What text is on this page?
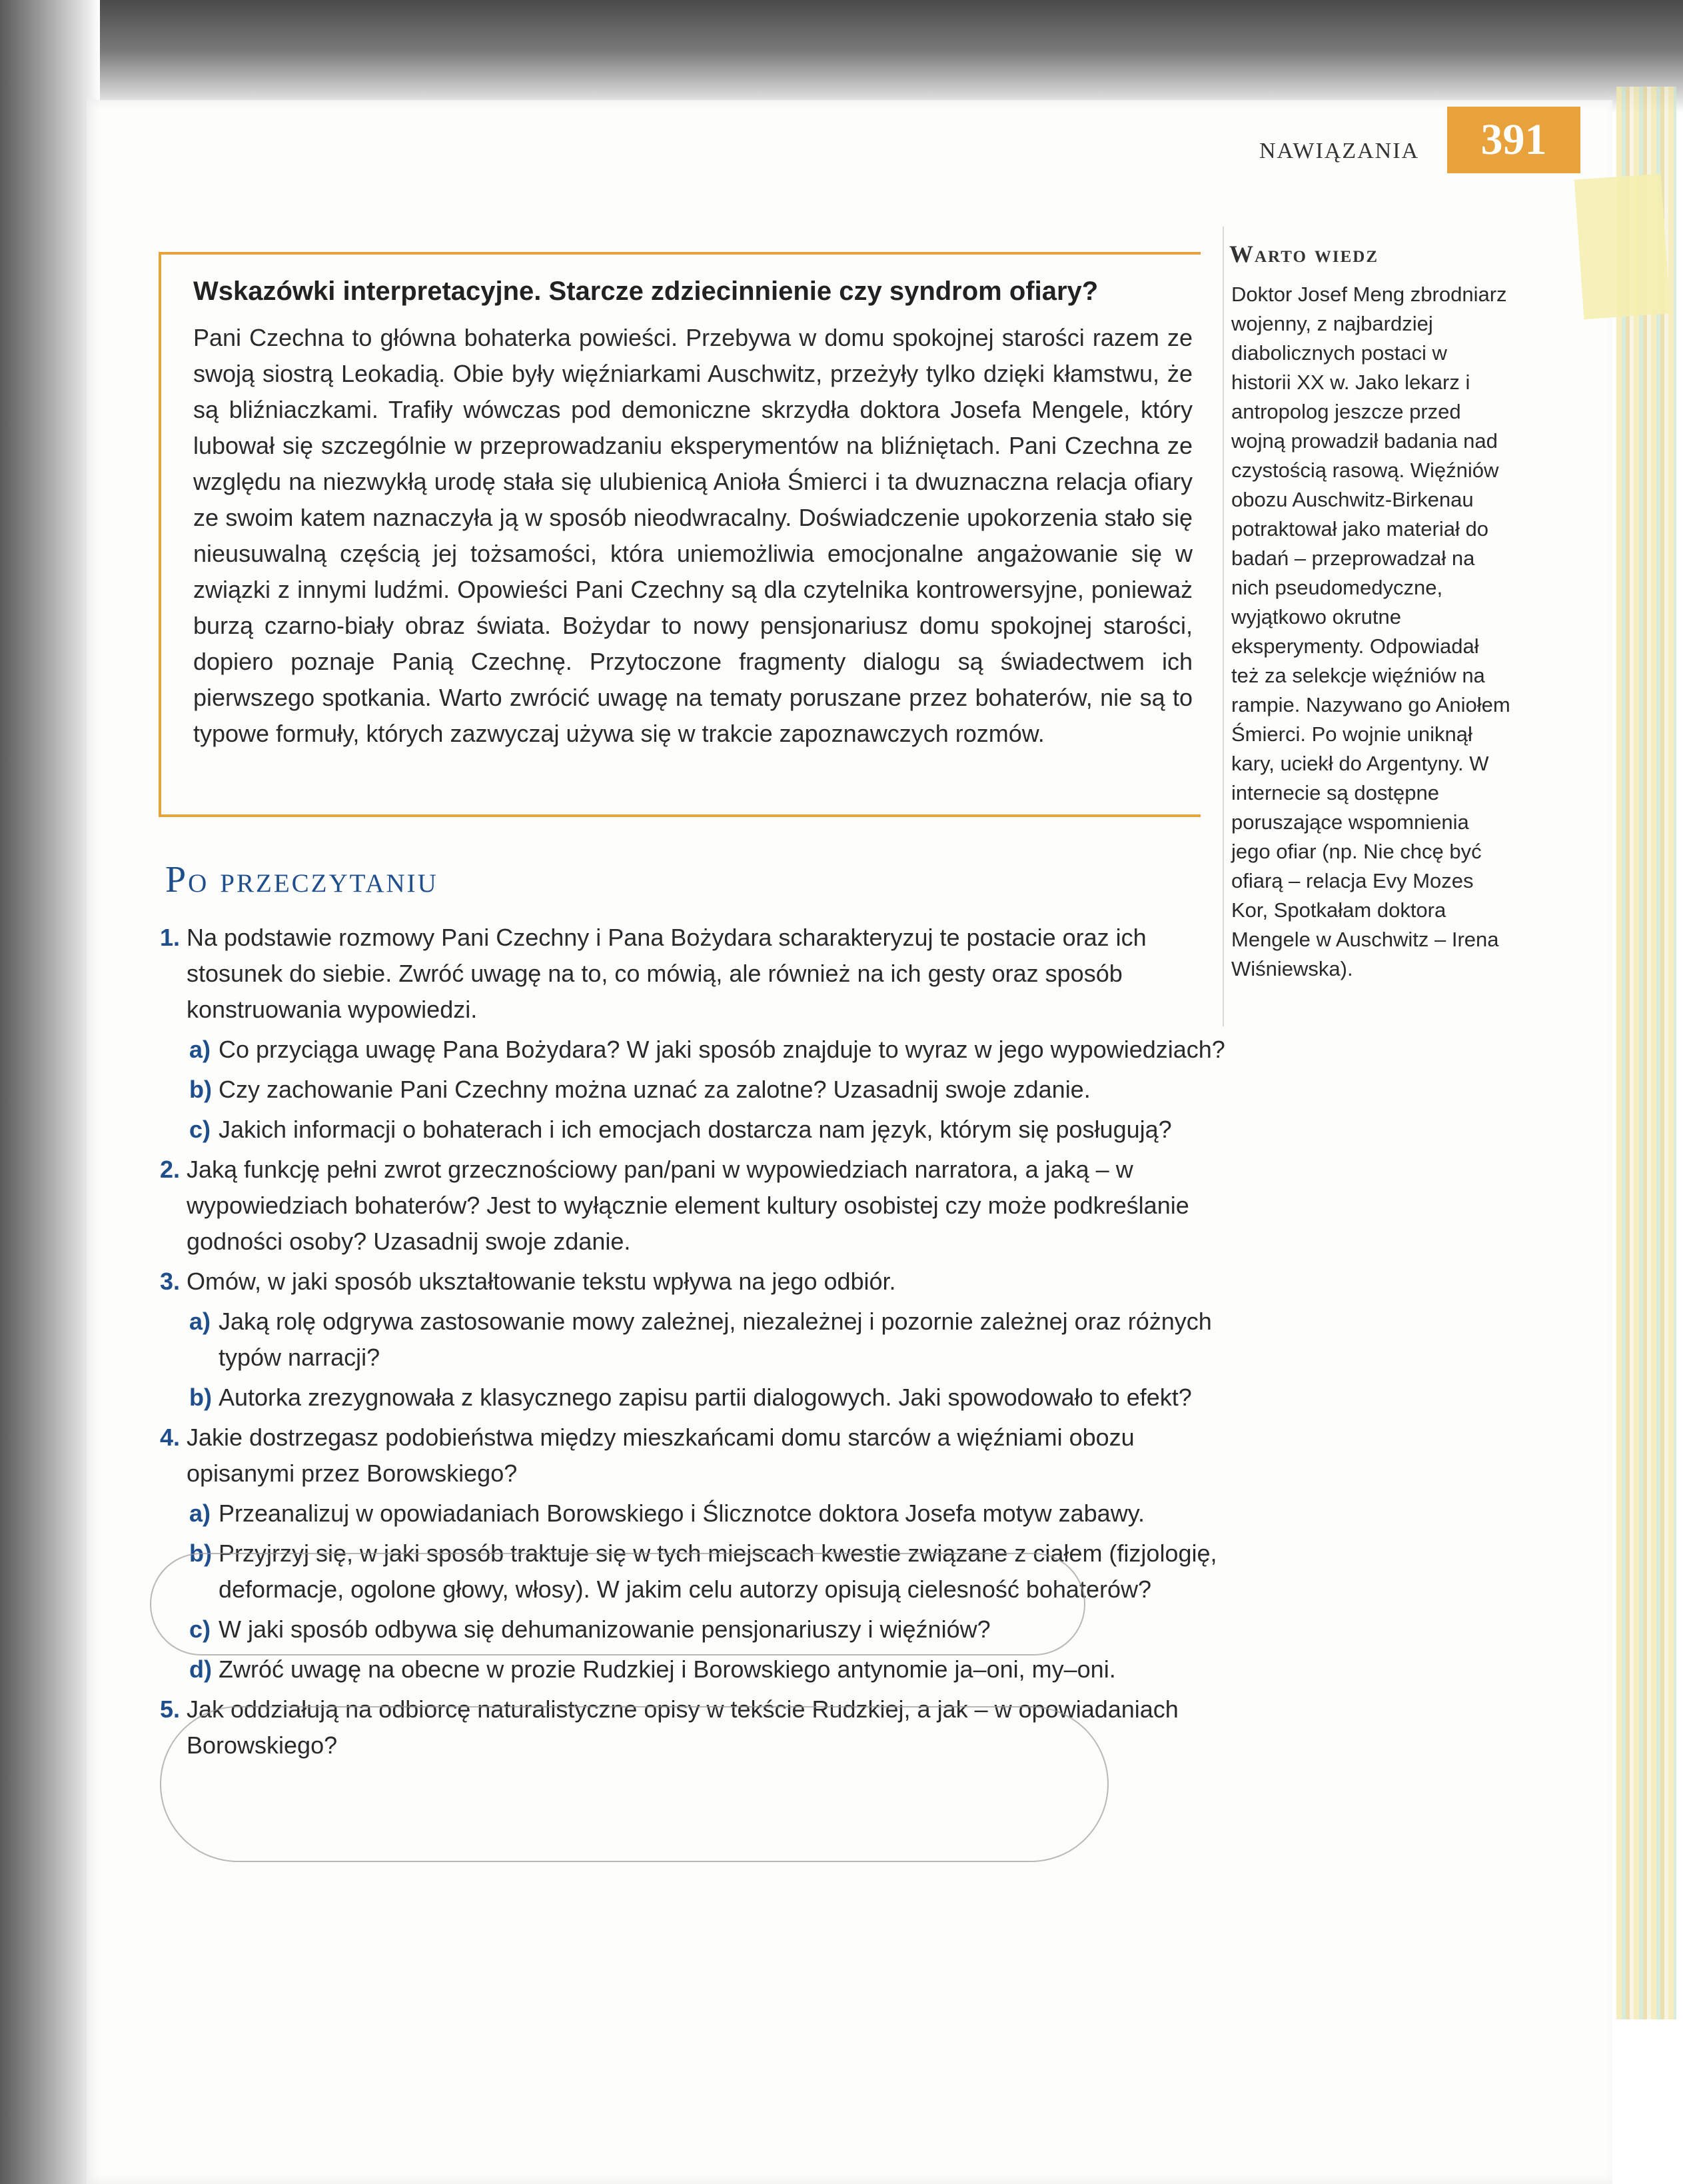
NAWIĄZANIA	391
Wskazówki interpretacyjne. Starcze zdziecinnienie czy syndrom ofiary?
Pani Czechna to główna bohaterka powieści. Przebywa w domu spokojnej starości razem ze swoją siostrą Leokadią. Obie były więźniarkami Auschwitz, przeżyły tylko dzięki kłamstwu, że są bliźniaczkami. Trafiły wówczas pod demoniczne skrzydła doktora Josefa Mengele, który lubował się szczególnie w przeprowadzaniu eksperymentów na bliźniętach. Pani Czechna ze względu na niezwykłą urodę stała się ulubienicą Anioła Śmierci i ta dwuznaczna relacja ofiary ze swoim katem naznaczyła ją w sposób nieodwracalny. Doświadczenie upokorzenia stało się nieusuwalną częścią jej tożsamości, która uniemożliwia emocjonalne angażowanie się w związki z innymi ludźmi. Opowieści Pani Czechny są dla czytelnika kontrowersyjne, ponieważ burzą czarno-biały obraz świata. Bożydar to nowy pensjonariusz domu spokojnej starości, dopiero poznaje Panią Czechnę. Przytoczone fragmenty dialogu są świadectwem ich pierwszego spotkania. Warto zwrócić uwagę na tematy poruszane przez bohaterów, nie są to typowe formuły, których zazwyczaj używa się w trakcie zapoznawczych rozmów.
Po przeczytaniu
1. Na podstawie rozmowy Pani Czechny i Pana Bożydara scharakteryzuj te postacie oraz ich stosunek do siebie. Zwróć uwagę na to, co mówią, ale również na ich gesty oraz sposób konstruowania wypowiedzi.
a) Co przyciąga uwagę Pana Bożydara? W jaki sposób znajduje to wyraz w jego wypowiedziach?
b) Czy zachowanie Pani Czechny można uznać za zalotne? Uzasadnij swoje zdanie.
c) Jakich informacji o bohaterach i ich emocjach dostarcza nam język, którym się posługują?
2. Jaką funkcję pełni zwrot grzecznościowy pan/pani w wypowiedziach narratora, a jaką – w wypowiedziach bohaterów? Jest to wyłącznie element kultury osobistej czy może podkreślanie godności osoby? Uzasadnij swoje zdanie.
3. Omów, w jaki sposób ukształtowanie tekstu wpływa na jego odbiór.
a) Jaką rolę odgrywa zastosowanie mowy zależnej, niezależnej i pozornie zależnej oraz różnych typów narracji?
b) Autorka zrezygnowała z klasycznego zapisu partii dialogowych. Jaki spowodowało to efekt?
4. Jakie dostrzegasz podobieństwa między mieszkańcami domu starców a więźniami obozu opisanymi przez Borowskiego?
a) Przeanalizuj w opowiadaniach Borowskiego i Ślicznotce doktora Josefa motyw zabawy.
b) Przyjrzyj się, w jaki sposób traktuje się w tych miejscach kwestie związane z ciałem (fizjologię, deformacje, ogolone głowy, włosy). W jakim celu autorzy opisują cielesność bohaterów?
c) W jaki sposób odbywa się dehumanizowanie pensjonariuszy i więźniów?
d) Zwróć uwagę na obecne w prozie Rudzkiej i Borowskiego antynomie ja–oni, my–oni.
5. Jak oddziałują na odbiorcę naturalistyczne opisy w tekście Rudzkiej, a jak – w opowiadaniach Borowskiego?
Warto wiedz
Doktor Josef Meng zbrodniarz wojenny, z najbardziej diabolicznych postaci w historii XX w. Jako lekarz i antropolog jeszcze przed wojną prowadził badania nad czystością rasową. Więźniów obozu Auschwitz-Birkenau potraktował jako materiał do badań – przeprowadzał na nich pseudomedyczne, wyjątkowo okrutne eksperymenty. Odpowiadał też za selekcje więźniów na rampie. Nazywano go Aniołem Śmierci. Po wojnie uniknął kary, uciekł do Argentyny. W internecie są dostępne poruszające wspomnienia jego ofiar (np. Nie chcę być ofiarą – relacja Evy Mozes Kor, Spotkałam doktora Mengele w Auschwitz – Irena Wiśniewska).
